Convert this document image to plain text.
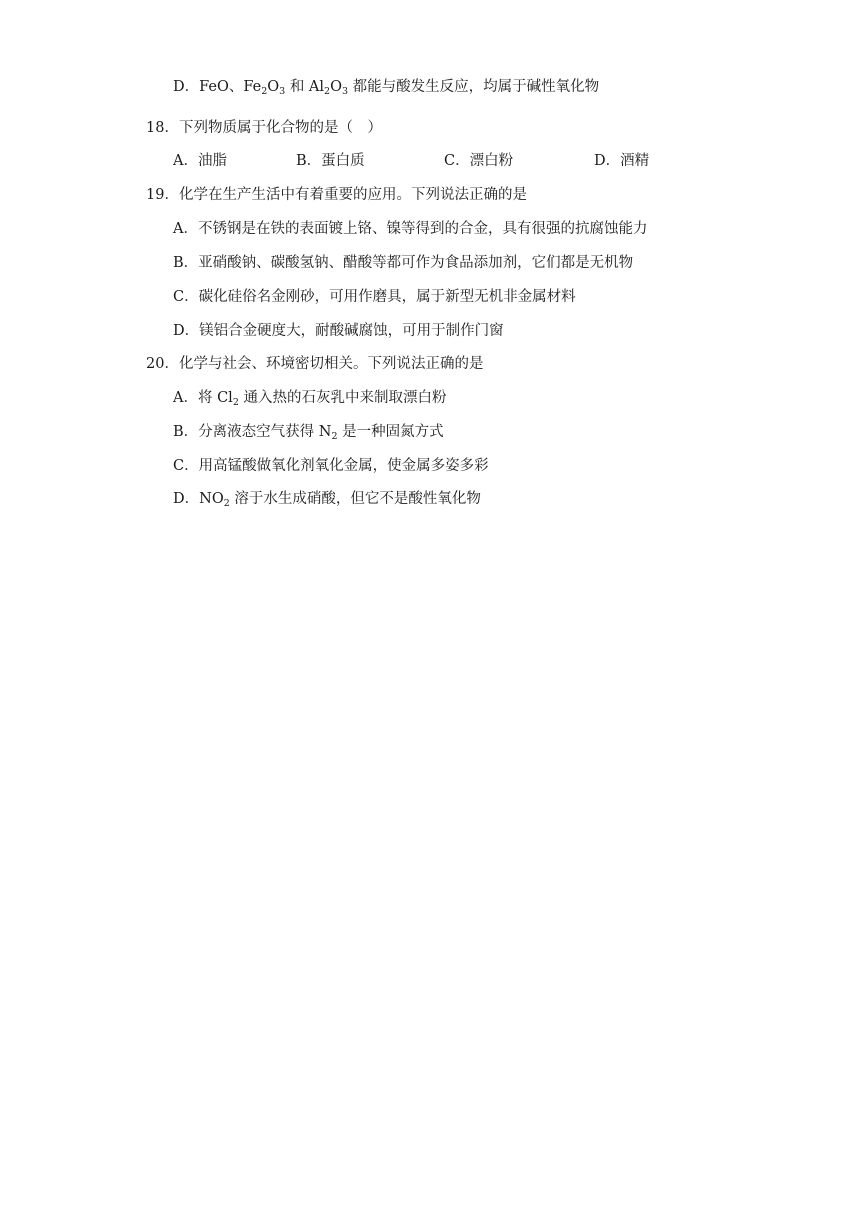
D．FeO、$Fe_2O_3$ 和 $Al_2O_3$ 都能与酸发生反应，均属于碱性氧化物
18．下列物质属于化合物的是（　）
A．油脂	B．蛋白质	C．漂白粉	D．酒精
19．化学在生产生活中有着重要的应用。下列说法正确的是
A．不锈钢是在铁的表面镀上铬、镍等得到的合金，具有很强的抗腐蚀能力
B．亚硝酸钠、碳酸氢钠、醋酸等都可作为食品添加剂，它们都是无机物
C．碳化硅俗名金刚砂，可用作磨具，属于新型无机非金属材料
D．镁铝合金硬度大，耐酸碱腐蚀，可用于制作门窗
20．化学与社会、环境密切相关。下列说法正确的是
A．将 $Cl_2$ 通入热的石灰乳中来制取漂白粉
B．分离液态空气获得 $N_2$ 是一种固氮方式
C．用高锰酸做氧化剂氧化金属，使金属多姿多彩
D．$NO_2$ 溶于水生成硝酸，但它不是酸性氧化物
